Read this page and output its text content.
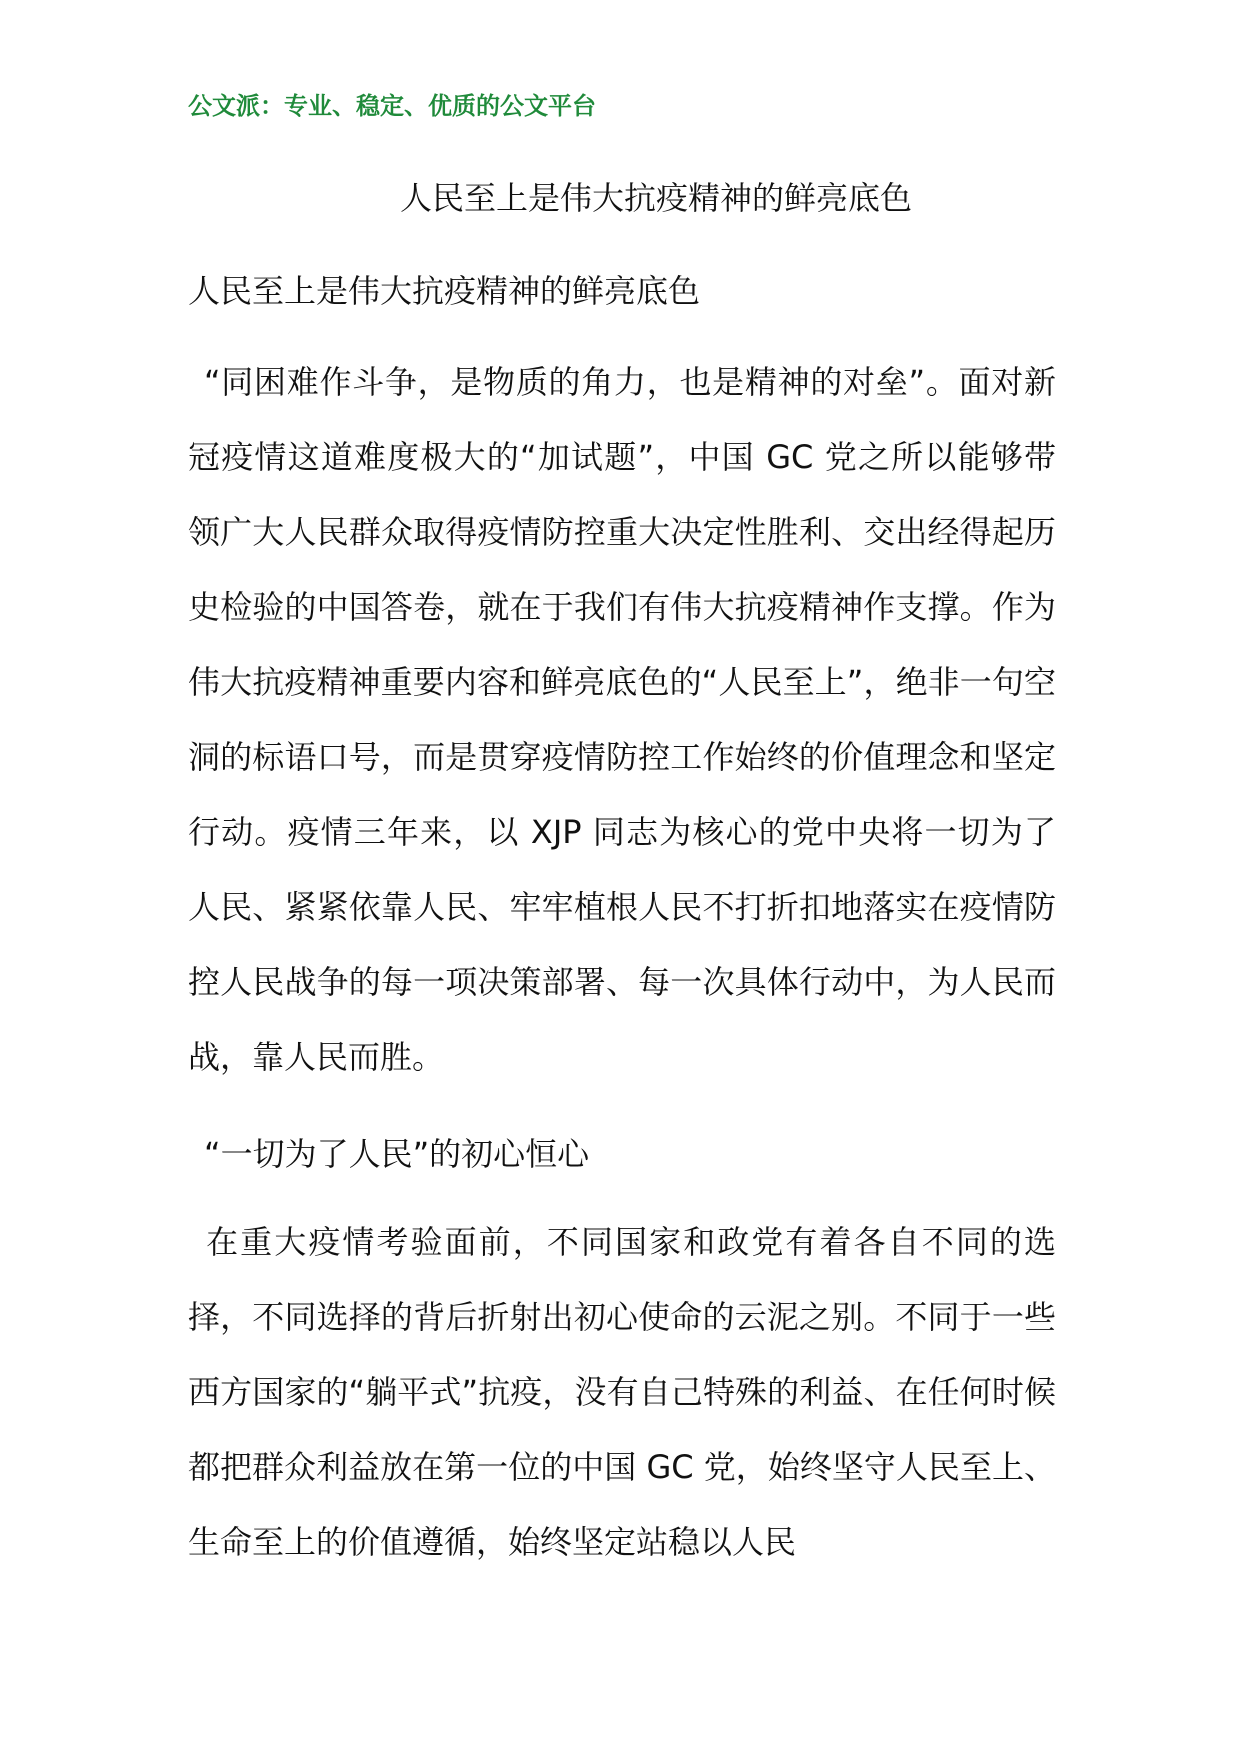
公文派：专业、稳定、优质的公文平台
人民至上是伟大抗疫精神的鲜亮底色
人民至上是伟大抗疫精神的鲜亮底色
“同困难作斗争，是物质的角力，也是精神的对垒”。面对新冠疫情这道难度极大的“加试题”，中国 GC 党之所以能够带领广大人民群众取得疫情防控重大决定性胜利、交出经得起历史检验的中国答卷，就在于我们有伟大抗疫精神作支撑。作为伟大抗疫精神重要内容和鲜亮底色的“人民至上”，绝非一句空洞的标语口号，而是贯穿疫情防控工作始终的价值理念和坚定行动。疫情三年来，以 XJP 同志为核心的党中央将一切为了人民、紧紧依靠人民、牢牢植根人民不打折扣地落实在疫情防控人民战争的每一项决策部署、每一次具体行动中，为人民而战，靠人民而胜。
“一切为了人民”的初心恒心
在重大疫情考验面前，不同国家和政党有着各自不同的选择，不同选择的背后折射出初心使命的云泥之别。不同于一些西方国家的“躺平式”抗疫，没有自己特殊的利益、在任何时候都把群众利益放在第一位的中国 GC 党，始终坚守人民至上、生命至上的价值遵循，始终坚定站稳以人民
